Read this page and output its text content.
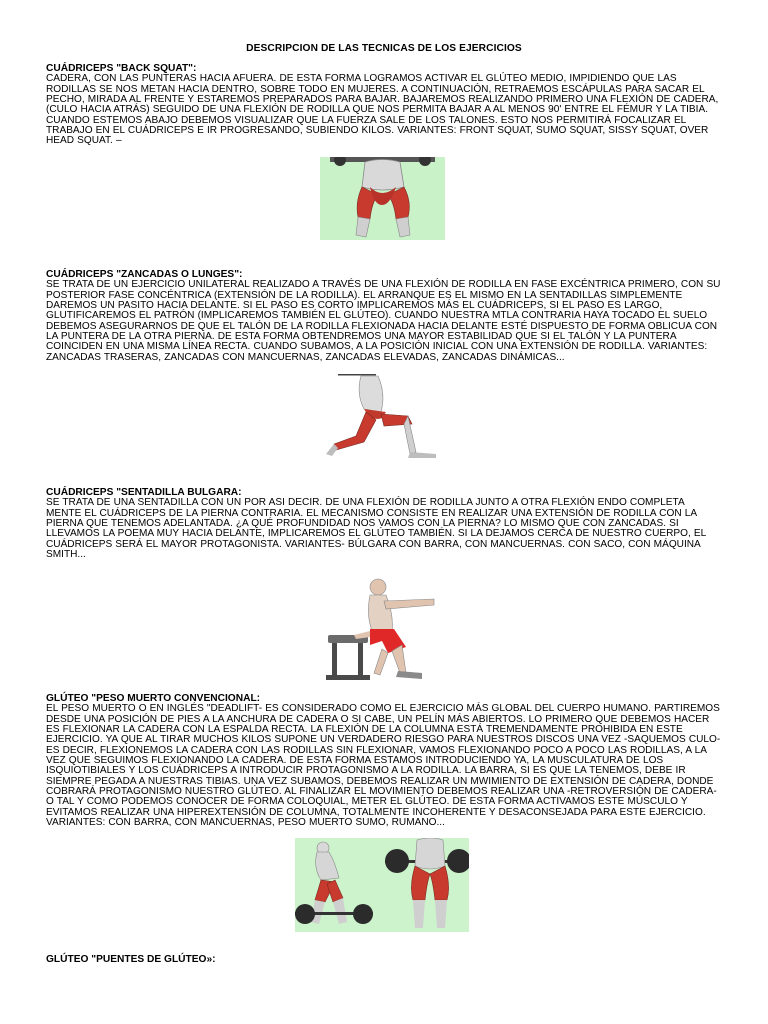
DESCRIPCION DE LAS TECNICAS DE LOS EJERCICIOS
CUÁDRICEPS "BACK SQUAT":
CADERA, CON LAS PUNTERAS HACIA AFUERA. DE ESTA FORMA LOGRAMOS ACTIVAR EL GLÚTEO MEDIO, IMPIDIENDO QUE LAS RODILLAS SE NOS METAN HACIA DENTRO, SOBRE TODO EN MUJERES. A CONTINUACIÓN, RETRAEMOS ESCÁPULAS PARA SACAR EL PECHO, MIRADA AL FRENTE Y ESTAREMOS PREPARADOS PARA BAJAR. BAJAREMOS REALIZANDO PRIMERO UNA FLEXIÓN DE CADERA, (CULO HACIA ATRÁS) SEGUIDO DE UNA FLEXIÓN DE RODILLA QUE NOS PERMITA BAJAR A AL MENOS 90' ENTRE EL FÉMUR Y LA TIBIA. CUANDO ESTEMOS ABAJO DEBEMOS VISUALIZAR QUE LA FUERZA SALE DE LOS TALONES. ESTO NOS PERMITIRÁ FOCALIZAR EL TRABAJO EN EL CUÁDRICEPS E IR PROGRESANDO, SUBIENDO KILOS. VARIANTES: FRONT SQUAT, SUMO SQUAT, SISSY SQUAT, OVER HEAD SQUAT. –
CUÁDRICEPS "ZANCADAS O LUNGES":
SE TRATA DE UN EJERCICIO UNILATERAL REALIZADO A TRAVÉS DE UNA FLEXIÓN DE RODILLA EN FASE EXCÉNTRICA PRIMERO, CON SU POSTERIOR FASE CONCÉNTRICA (EXTENSIÓN DE LA RODILLA). EL ARRANQUE ES EL MISMO EN LA SENTADILLAS SIMPLEMENTE DAREMOS UN PASITO HACIA DELANTE. SI EL PASO ES CORTO IMPLICAREMOS MÁS EL CUÁDRICEPS, SI EL PASO ES LARGO, GLUTIFICAREMOS EL PATRÓN (IMPLICAREMOS TAMBIÉN EL GLÚTEO). CUANDO NUESTRA MTLA CONTRARIA HAYA TOCADO EL SUELO DEBEMOS ASEGURARNOS DE QUE EL TALÓN DE LA RODILLA FLEXIONADA HACIA DELANTE ESTÉ DISPUESTO DE FORMA OBLICUA CON LA PUNTERA DE LA OTRA PIERNA. DE ESTA FORMA OBTENDREMOS UNA MAYOR ESTABILIDAD QUE SI EL TALÓN Y LA PUNTERA COINCIDEN EN UNA MISMA LÍNEA RECTA. CUANDO SUBAMOS, A LA POSICIÓN INICIAL CON UNA EXTENSIÓN DE RODILLA. VARIANTES: ZANCADAS TRASERAS, ZANCADAS CON MANCUERNAS, ZANCADAS ELEVADAS, ZANCADAS DINÁMICAS...
CUÁDRICEPS "SENTADILLA BULGARA:
SE TRATA DE UNA SENTADILLA CON UN POR ASI DECIR. DE UNA FLEXIÓN DE RODILLA JUNTO A OTRA FLEXIÓN ENDO COMPLETA MENTE EL CUÁDRICEPS DE LA PIERNA CONTRARIA. EL MECANISMO CONSISTE EN REALIZAR UNA EXTENSIÓN DE RODILLA CON LA PIERNA QUE TENEMOS ADELANTADA. ¿A QUÉ PROFUNDIDAD NOS VAMOS CON LA PIERNA? LO MISMO QUE CON ZANCADAS. SI LLEVAMOS LA POEMA MUY HACIA DELANTE, IMPLICAREMOS EL GLÚTEO TAMBIÉN. SI LA DEJAMOS CERCA DE NUESTRO CUERPO, EL CUÁDRICEPS SERÁ EL MAYOR PROTAGONISTA. VARIANTES- BÚLGARA CON BARRA, CON MANCUERNAS. CON SACO, CON MÁQUINA SMITH...
GLÚTEO "PESO MUERTO CONVENCIONAL:
EL PESO MUERTO O EN INGLÉS "DEADLIFT- ES CONSIDERADO COMO EL EJERCICIO MÁS GLOBAL DEL CUERPO HUMANO. PARTIREMOS DESDE UNA POSICIÓN DE PIES A LA ANCHURA DE CADERA O SI CABE, UN PELÍN MÁS ABIERTOS. LO PRIMERO QUE DEBEMOS HACER ES FLEXIONAR LA CADERA CON LA ESPALDA RECTA. LA FLEXIÓN DE LA COLUMNA ESTÁ TREMENDAMENTE PROHIBIDA EN ESTE EJERCICIO. YA QUE AL TIRAR MUCHOS KILOS SUPONE UN VERDADERO RIESGO PARA NUESTROS DISCOS UNA VEZ -SAQUEMOS CULO- ES DECIR, FLEXIONEMOS LA CADERA CON LAS RODILLAS SIN FLEXIONAR, VAMOS FLEXIONANDO POCO A POCO LAS RODILLAS, A LA VEZ QUE SEGUIMOS FLEXIONANDO LA CADERA. DE ESTA FORMA ESTAMOS INTRODUCIENDO YA, LA MUSCULATURA DE LOS ISQUIOTIBIALES Y LOS CUÁDRICEPS A INTRODUCIR PROTAGONISMO A LA RODILLA. LA BARRA, SI ES QUE LA TENEMOS, DEBE IR SIEMPRE PEGADA A NUESTRAS TIBIAS. UNA VEZ SUBAMOS, DEBEMOS REALIZAR UN MWIMIENTO DE EXTENSIÓN DE CADERA, DONDE COBRARÁ PROTAGONISMO NUESTRO GLÚTEO. AL FINALIZAR EL MOVIMIENTO DEBEMOS REALIZAR UNA -RETROVERSIÓN DE CADERA- O TAL Y COMO PODEMOS CONOCER DE FORMA COLOQUIAL, METER EL GLÚTEO. DE ESTA FORMA ACTIVAMOS ESTE MÚSCULO Y EVITAMOS REALIZAR UNA HIPEREXTENSIÓN DE COLUMNA, TOTALMENTE INCOHERENTE Y DESACONSEJADA PARA ESTE EJERCICIO. VARIANTES: CON BARRA, CON MANCUERNAS, PESO MUERTO SUMO, RUMANO...
GLÚTEO "PUENTES DE GLÚTEO»:
